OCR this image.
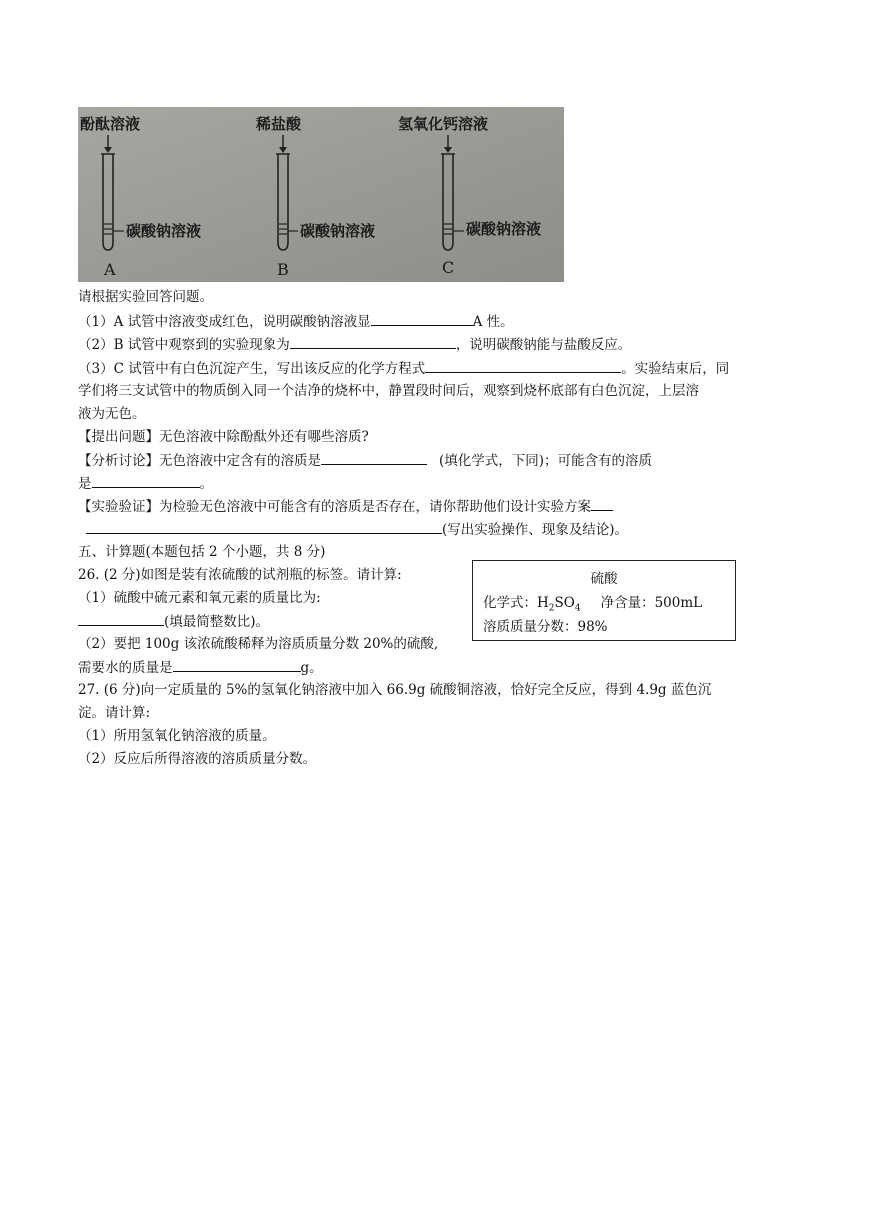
酚酞溶液	稀盐酸	氢氧化钙溶液
碳酸钠溶液	碳酸钠溶液	碳酸钠溶液
A	B	C
请根据实验回答问题。
（1）A 试管中溶液变成红色，说明碳酸钠溶液显	A 性。
（2）B 试管中观察到的实验现象为	，说明碳酸钠能与盐酸反应。
（3）C 试管中有白色沉淀产生，写出该反应的化学方程式	。实验结束后，同
学们将三支试管中的物质倒入同一个洁净的烧杯中，静置段时间后，观察到烧杯底部有白色沉淀，上层溶
液为无色。
【提出问题】无色溶液中除酚酞外还有哪些溶质?
【分析讨论】无色溶液中定含有的溶质是	(填化学式，下同)；可能含有的溶质
是	。
【实验验证】为检验无色溶液中可能含有的溶质是否存在，请你帮助他们设计实验方案
(写出实验操作、现象及结论)。
五、计算题(本题包括 2 个小题，共 8 分)
26. (2 分)如图是装有浓硫酸的试剂瓶的标签。请计算:
（1）硫酸中硫元素和氧元素的质量比为:
(填最简整数比)。
（2）要把 100g 该浓硫酸稀释为溶质质量分数 20%的硫酸,
需要水的质量是	g。
硫酸
化学式：$H_2SO_4$ 净含量：500mL
溶质质量分数：98%
27. (6 分)向一定质量的 5%的氢氧化钠溶液中加入 66.9g 硫酸铜溶液，恰好完全反应，得到 4.9g 蓝色沉
淀。请计算:
（1）所用氢氧化钠溶液的质量。
（2）反应后所得溶液的溶质质量分数。
